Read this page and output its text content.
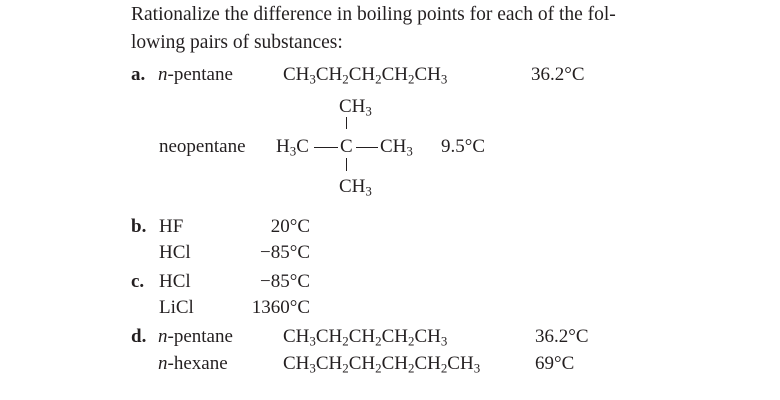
Rationalize the difference in boiling points for each of the fol-
lowing pairs of substances:
a. n-pentane	$CH_3CH_2CH_2CH_2CH_3$	36.2°C
$CH_3$
neopentane $H_3C$ C $CH_3$ 9.5°C
$CH_3$
b. HF	20°C
HCl	−85°C
c. HCl	−85°C
LiCl	1360°C
d. n-pentane	$CH_3CH_2CH_2CH_2CH_3$	36.2°C
n-hexane	$CH_3CH_2CH_2CH_2CH_2CH_3$	69°C
